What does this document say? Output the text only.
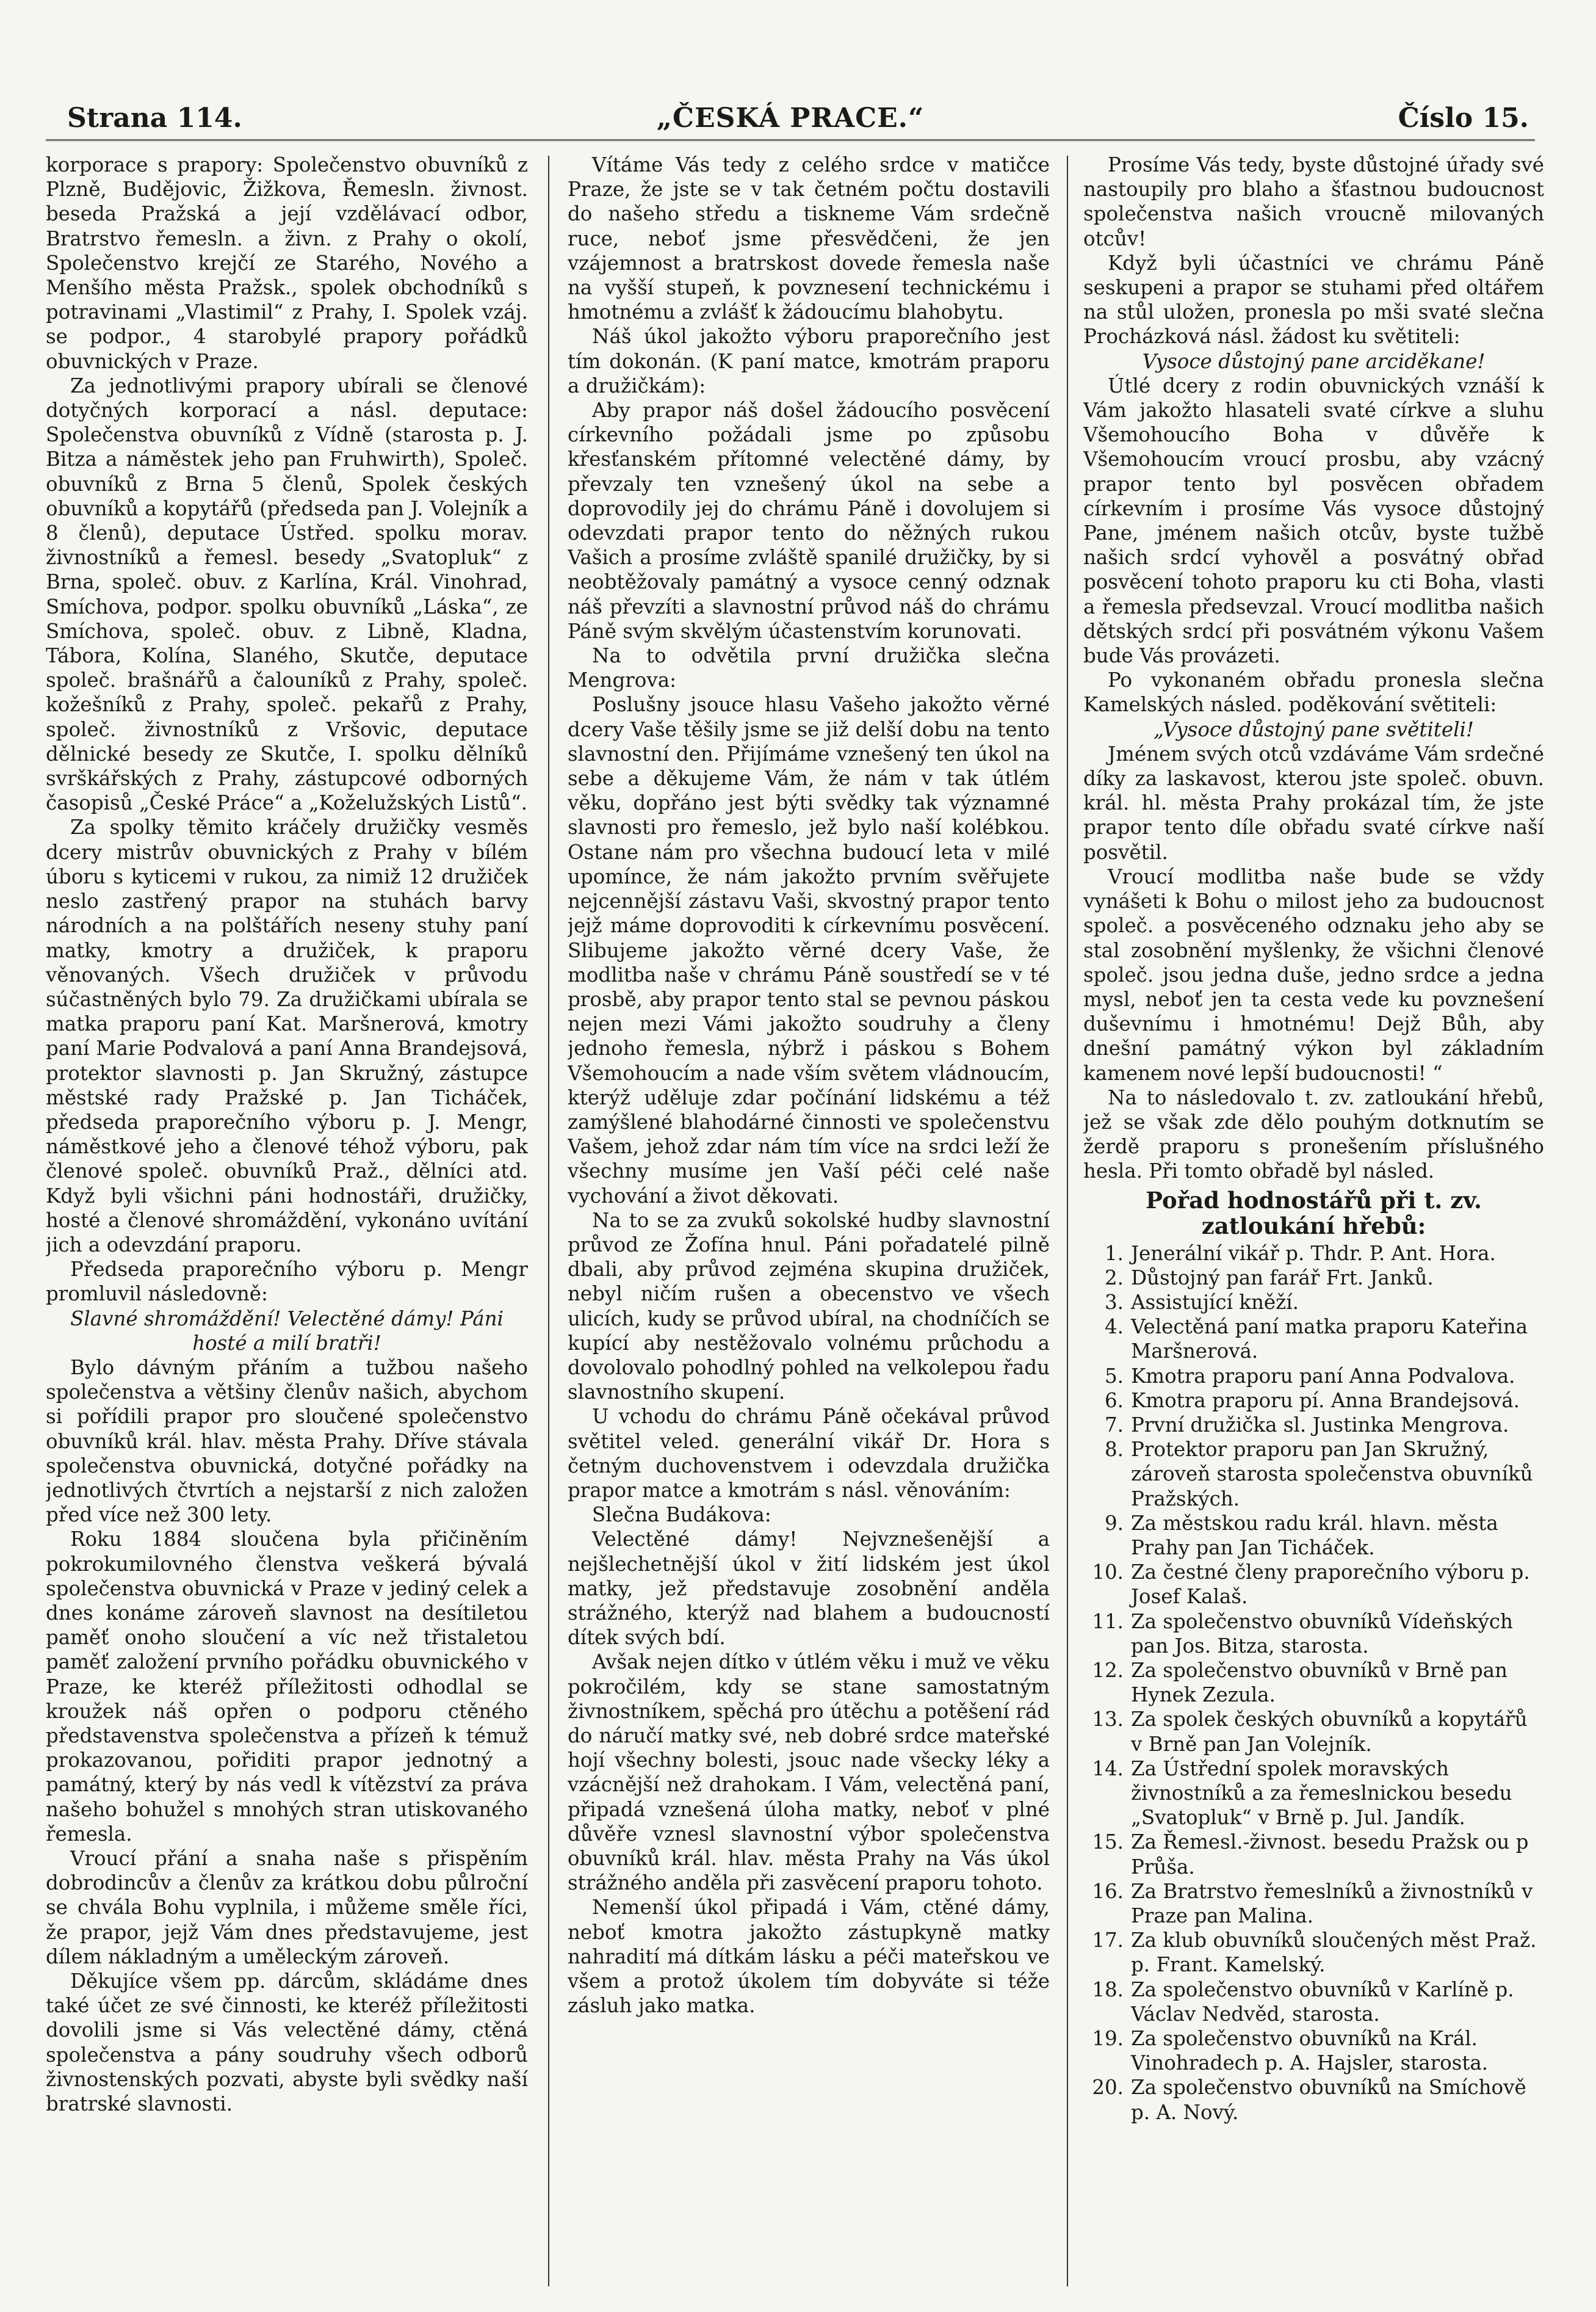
Strana 114.	„ČESKÁ PRACE.“	Číslo 15.

korporace s prapory: Společenstvo obuvníků z Plzně, Budějovic, Žižkova, Řemesln. živnost. beseda Pražská a její vzdělávací odbor, Bratrstvo řemesln. a živn. z Prahy o okolí, Společenstvo krejčí ze Starého, Nového a Menšího města Pražsk., spolek obchodníků s potravinami „Vlastimil“ z Prahy, I. Spolek vzáj. se podpor., 4 starobylé prapory pořádků obuvnických v Praze.

Za jednotlivými prapory ubírali se členové dotyčných korporací a násl. deputace: Společenstva obuvníků z Vídně (starosta p. J. Bitza a náměstek jeho pan Fruhwirth), Společ. obuvníků z Brna 5 členů, Spolek českých obuvníků a kopytářů (předseda pan J. Volejník a 8 členů), deputace Ústřed. spolku morav. živnostníků a řemesl. besedy „Svatopluk“ z Brna, společ. obuv. z Karlína, Král. Vinohrad, Smíchova, podpor. spolku obuvníků „Láska“, ze Smíchova, společ. obuv. z Libně, Kladna, Tábora, Kolína, Slaného, Skutče, deputace společ. brašnářů a čalouníků z Prahy, společ. kožešníků z Prahy, společ. pekařů z Prahy, společ. živnostníků z Vršovic, deputace dělnické besedy ze Skutče, I. spolku dělníků svrškářských z Prahy, zástupcové odborných časopisů „České Práce“ a „Koželužských Listů“.

Za spolky těmito kráčely družičky vesměs dcery mistrův obuvnických z Prahy v bílém úboru s kyticemi v rukou, za nimiž 12 družiček neslo zastřený prapor na stuhách barvy národních a na polštářích neseny stuhy paní matky, kmotry a družiček, k praporu věnovaných. Všech družiček v průvodu súčastněných bylo 79. Za družičkami ubírala se matka praporu paní Kat. Maršnerová, kmotry paní Marie Podvalová a paní Anna Brandejsová, protektor slavnosti p. Jan Skružný, zástupce městské rady Pražské p. Jan Ticháček, předseda praporečního výboru p. J. Mengr, náměstkové jeho a členové téhož výboru, pak členové společ. obuvníků Praž., dělníci atd. Když byli všichni páni hodnostáři, družičky, hosté a členové shromáždění, vykonáno uvítání jich a odevzdání praporu.

Předseda praporečního výboru p. Mengr promluvil následovně:

Slavné shromáždění! Velectěné dámy! Páni hosté a milí bratři!

Bylo dávným přáním a tužbou našeho společenstva a většiny členův našich, abychom si pořídili prapor pro sloučené společenstvo obuvníků král. hlav. města Prahy. Dříve stávala společenstva obuvnická, dotyčné pořádky na jednotlivých čtvrtích a nejstarší z nich založen před více než 300 lety.

Roku 1884 sloučena byla přičiněním pokrokumilovného členstva veškerá bývalá společenstva obuvnická v Praze v jediný celek a dnes konáme zároveň slavnost na desítiletou paměť onoho sloučení a víc než třistaletou paměť založení prvního pořádku obuvnického v Praze, ke kteréž příležitosti odhodlal se kroužek náš opřen o podporu ctěného představenstva společenstva a přízeň k témuž prokazovanou, pořiditi prapor jednotný a památný, který by nás vedl k vítězství za práva našeho bohužel s mnohých stran utiskovaného řemesla.

Vroucí přání a snaha naše s přispěním dobrodincův a členův za krátkou dobu půlroční se chvála Bohu vyplnila, i můžeme směle říci, že prapor, jejž Vám dnes představujeme, jest dílem nákladným a uměleckým zároveň.

Děkujíce všem pp. dárcům, skládáme dnes také účet ze své činnosti, ke kteréž příležitosti dovolili jsme si Vás velectěné dámy, ctěná společenstva a pány soudruhy všech odborů živnostenských pozvati, abyste byli svědky naší bratrské slavnosti.

Vítáme Vás tedy z celého srdce v matičce Praze, že jste se v tak četném počtu dostavili do našeho středu a tiskneme Vám srdečně ruce, neboť jsme přesvědčeni, že jen vzájemnost a bratrskost dovede řemesla naše na vyšší stupeň, k povznesení technickému i hmotnému a zvlášť k žádoucímu blahobytu.

Náš úkol jakožto výboru praporečního jest tím dokonán. (K paní matce, kmotrám praporu a družičkám):

Aby prapor náš došel žádoucího posvěcení církevního požádali jsme po způsobu křesťanském přítomné velectěné dámy, by převzaly ten vznešený úkol na sebe a doprovodily jej do chrámu Páně i dovolujem si odevzdati prapor tento do něžných rukou Vašich a prosíme zvláště spanilé družičky, by si neobtěžovaly památný a vysoce cenný odznak náš převzíti a slavnostní průvod náš do chrámu Páně svým skvělým účastenstvím korunovati.

Na to odvětila první družička slečna Mengrova:

Poslušny jsouce hlasu Vašeho jakožto věrné dcery Vaše těšily jsme se již delší dobu na tento slavnostní den. Přijímáme vznešený ten úkol na sebe a děkujeme Vám, že nám v tak útlém věku, dopřáno jest býti svědky tak významné slavnosti pro řemeslo, jež bylo naší kolébkou. Ostane nám pro všechna budoucí leta v milé upomínce, že nám jakožto prvním svěřujete nejcennější zástavu Vaši, skvostný prapor tento jejž máme doprovoditi k církevnímu posvěcení. Slibujeme jakožto věrné dcery Vaše, že modlitba naše v chrámu Páně soustředí se v té prosbě, aby prapor tento stal se pevnou páskou nejen mezi Vámi jakožto soudruhy a členy jednoho řemesla, nýbrž i páskou s Bohem Všemohoucím a nade vším světem vládnoucím, kterýž uděluje zdar počínání lidskému a též zamýšlené blahodárné činnosti ve společenstvu Vašem, jehož zdar nám tím více na srdci leží že všechny musíme jen Vaší péči celé naše vychování a život děkovati.

Na to se za zvuků sokolské hudby slavnostní průvod ze Žofína hnul. Páni pořadatelé pilně dbali, aby průvod zejména skupina družiček, nebyl ničím rušen a obecenstvo ve všech ulicích, kudy se průvod ubíral, na chodníčích se kupící aby nestěžovalo volnému průchodu a dovolovalo pohodlný pohled na velkolepou řadu slavnostního skupení.

U vchodu do chrámu Páně očekával průvod světitel veled. generální vikář Dr. Hora s četným duchovenstvem i odevzdala družička prapor matce a kmotrám s násl. věnováním:

Slečna Budákova:

Velectěné dámy! Nejvznešenější a nejšlechetnější úkol v žití lidském jest úkol matky, jež představuje zosobnění anděla strážného, kterýž nad blahem a budoucností dítek svých bdí.

Avšak nejen dítko v útlém věku i muž ve věku pokročilém, kdy se stane samostatným živnostníkem, spěchá pro útěchu a potěšení rád do náručí matky své, neb dobré srdce mateřské hojí všechny bolesti, jsouc nade všecky léky a vzácnější než drahokam. I Vám, velectěná paní, připadá vznešená úloha matky, neboť v plné důvěře vznesl slavnostní výbor společenstva obuvníků král. hlav. města Prahy na Vás úkol strážného anděla při zasvěcení praporu tohoto.

Nemenší úkol připadá i Vám, ctěné dámy, neboť kmotra jakožto zástupkyně matky nahradití má dítkám lásku a péči mateřskou ve všem a protož úkolem tím dobyváte si téže zásluh jako matka.

Prosíme Vás tedy, byste důstojné úřady své nastoupily pro blaho a šťastnou budoucnost společenstva našich vroucně milovaných otcův!

Když byli účastníci ve chrámu Páně seskupeni a prapor se stuhami před oltářem na stůl uložen, pronesla po mši svaté slečna Procházková násl. žádost ku světiteli:

Vysoce důstojný pane arciděkane!

Útlé dcery z rodin obuvnických vznáší k Vám jakožto hlasateli svaté církve a sluhu Všemohoucího Boha v důvěře k Všemohoucím vroucí prosbu, aby vzácný prapor tento byl posvěcen obřadem církevním i prosíme Vás vysoce důstojný Pane, jménem našich otcův, byste tužbě našich srdcí vyhověl a posvátný obřad posvěcení tohoto praporu ku cti Boha, vlasti a řemesla předsevzal. Vroucí modlitba našich dětských srdcí při posvátném výkonu Vašem bude Vás provázeti.

Po vykonaném obřadu pronesla slečna Kamelských násled. poděkování světiteli:

„Vysoce důstojný pane světiteli!

Jménem svých otců vzdáváme Vám srdečné díky za laskavost, kterou jste společ. obuvn. král. hl. města Prahy prokázal tím, že jste prapor tento díle obřadu svaté církve naší posvětil.

Vroucí modlitba naše bude se vždy vynášeti k Bohu o milost jeho za budoucnost společ. a posvěceného odznaku jeho aby se stal zosobnění myšlenky, že všichni členové společ. jsou jedna duše, jedno srdce a jedna mysl, neboť jen ta cesta vede ku povznešení duševnímu i hmotnému! Dejž Bůh, aby dnešní památný výkon byl základním kamenem nové lepší budoucnosti! “

Na to následovalo t. zv. zatloukání hřebů, jež se však zde dělo pouhým dotknutím se žerdě praporu s pronešením příslušného hesla. Při tomto obřadě byl násled.

Pořad hodnostářů při t. zv. zatloukání hřebů:
1. Jenerální vikář p. Thdr. P. Ant. Hora.
2. Důstojný pan farář Frt. Janků.
3. Assistující kněží.
4. Velectěná paní matka praporu Kateřina Maršnerová.
5. Kmotra praporu paní Anna Podvalova.
6. Kmotra praporu pí. Anna Brandejsová.
7. První družička sl. Justinka Mengrova.
8. Protektor praporu pan Jan Skružný, zároveň starosta společenstva obuvníků Pražských.
9. Za městskou radu král. hlavn. města Prahy pan Jan Ticháček.
10. Za čestné členy praporečního výboru p. Josef Kalaš.
11. Za společenstvo obuvníků Vídeňských pan Jos. Bitza, starosta.
12. Za společenstvo obuvníků v Brně pan Hynek Zezula.
13. Za spolek českých obuvníků a kopytářů v Brně pan Jan Volejník.
14. Za Ústřední spolek moravských živnostníků a za řemeslnickou besedu „Svatopluk“ v Brně p. Jul. Jandík.
15. Za Řemesl.-živnost. besedu Pražsk ou p Průša.
16. Za Bratrstvo řemeslníků a živnostníků v Praze pan Malina.
17. Za klub obuvníků sloučených měst Praž. p. Frant. Kamelský.
18. Za společenstvo obuvníků v Karlíně p. Václav Nedvěd, starosta.
19. Za společenstvo obuvníků na Král. Vinohradech p. A. Hajsler, starosta.
20. Za společenstvo obuvníků na Smíchově p. A. Nový.
